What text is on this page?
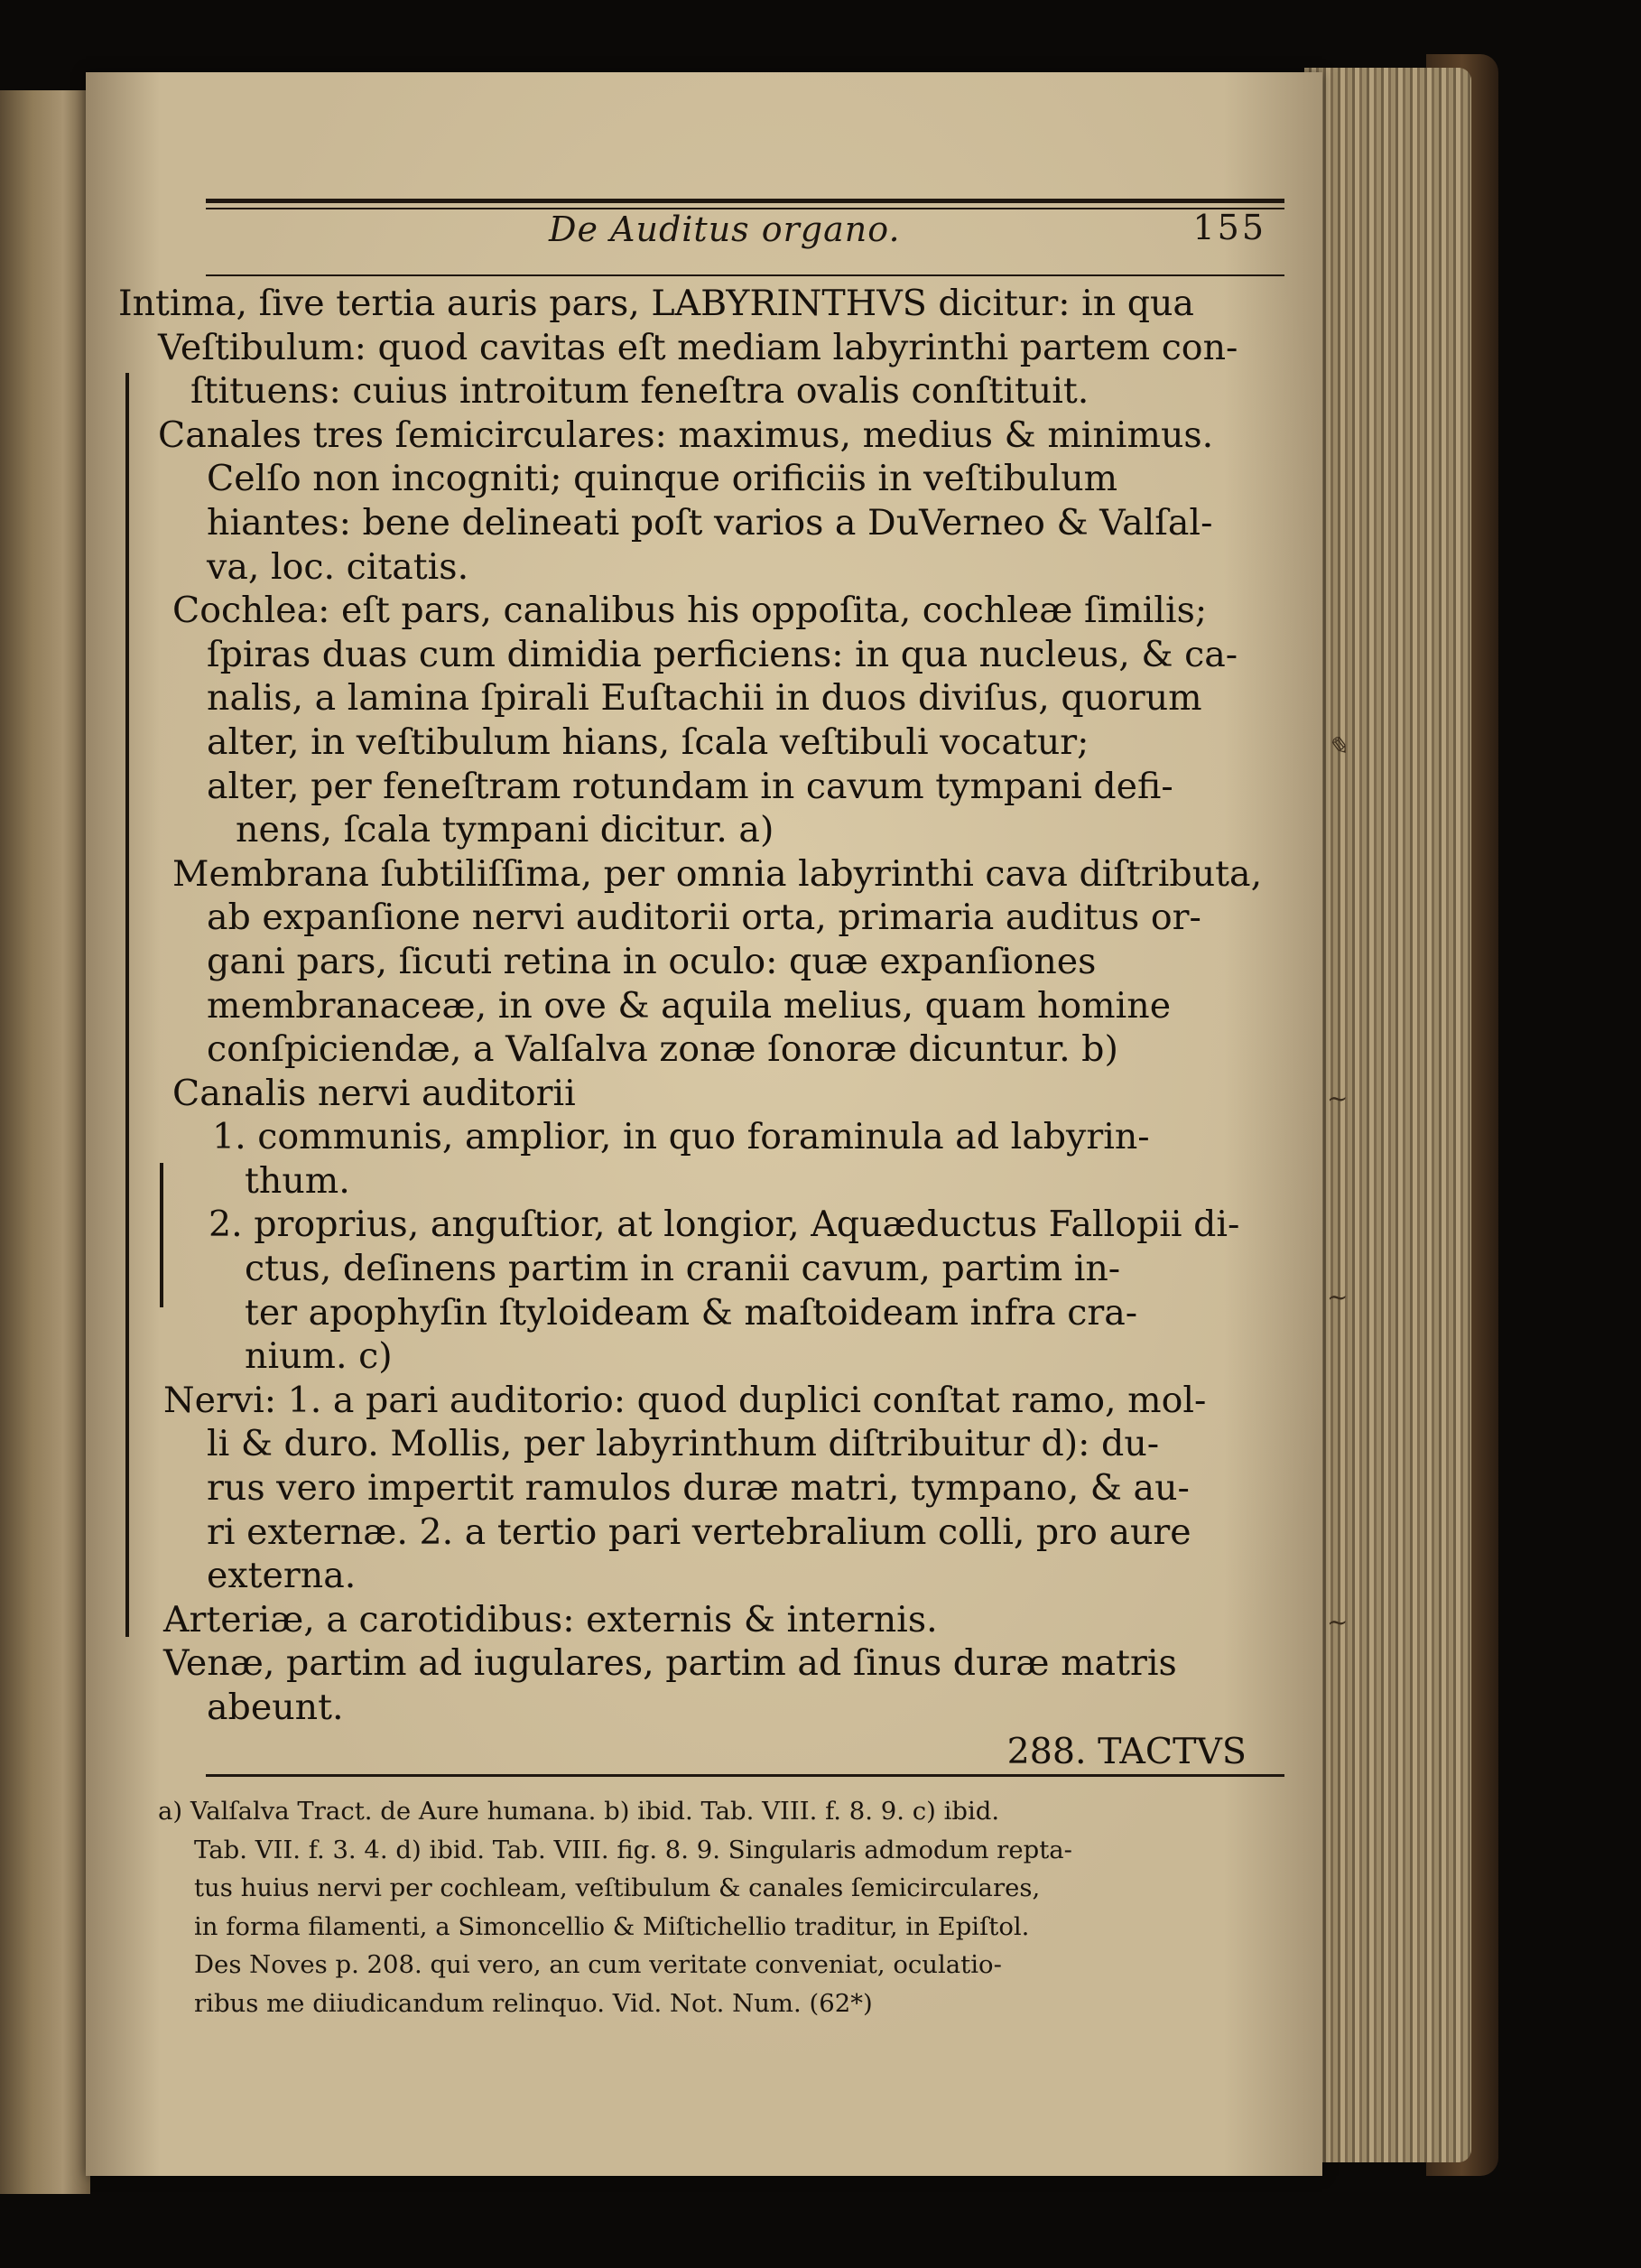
De Auditus organo.	155
Intima, ſive tertia auris pars, LABYRINTHVS dicitur: in qua
Veſtibulum: quod cavitas eſt mediam labyrinthi partem con-
ſtituens: cuius introitum feneſtra ovalis conſtituit.
Canales tres ſemicirculares: maximus, medius & minimus.
Celſo non incogniti; quinque orificiis in veſtibulum
hiantes: bene delineati poſt varios a DuVerneo & Valſal-
va, loc. citatis.
Cochlea: eſt pars, canalibus his oppoſita, cochleæ ſimilis;
ſpiras duas cum dimidia perficiens: in qua nucleus, & ca-
nalis, a lamina ſpirali Euſtachii in duos diviſus, quorum
alter, in veſtibulum hians, ſcala veſtibuli vocatur;
alter, per feneſtram rotundam in cavum tympani defi-
nens, ſcala tympani dicitur. a)
Membrana ſubtiliſſima, per omnia labyrinthi cava diſtributa,
ab expanſione nervi auditorii orta, primaria auditus or-
gani pars, ſicuti retina in oculo: quæ expanſiones
membranaceæ, in ove & aquila melius, quam homine
conſpiciendæ, a Valſalva zonæ ſonoræ dicuntur. b)
Canalis nervi auditorii
1. communis, amplior, in quo foraminula ad labyrin-
thum.
2. proprius, anguſtior, at longior, Aquæductus Fallopii di-
ctus, deſinens partim in cranii cavum, partim in-
ter apophyſin ſtyloideam & maſtoideam infra cra-
nium. c)
Nervi: 1. a pari auditorio: quod duplici conſtat ramo, mol-
li & duro. Mollis, per labyrinthum diſtribuitur d): du-
rus vero impertit ramulos duræ matri, tympano, & au-
ri externæ. 2. a tertio pari vertebralium colli, pro aure
externa.
Arteriæ, a carotidibus: externis & internis.
Venæ, partim ad iugulares, partim ad ſinus duræ matris
abeunt.
288. TACTVS
a) Valſalva Tract. de Aure humana. b) ibid. Tab. VIII. f. 8. 9. c) ibid.
Tab. VII. f. 3. 4. d) ibid. Tab. VIII. fig. 8. 9. Singularis admodum repta-
tus huius nervi per cochleam, veſtibulum & canales ſemicirculares,
in forma filamenti, a Simoncellio & Miſtichellio traditur, in Epiſtol.
Des Noves p. 208. qui vero, an cum veritate conveniat, oculatio-
ribus me diiudicandum relinquo. Vid. Not. Num. (62*)
✎
~
~
~
